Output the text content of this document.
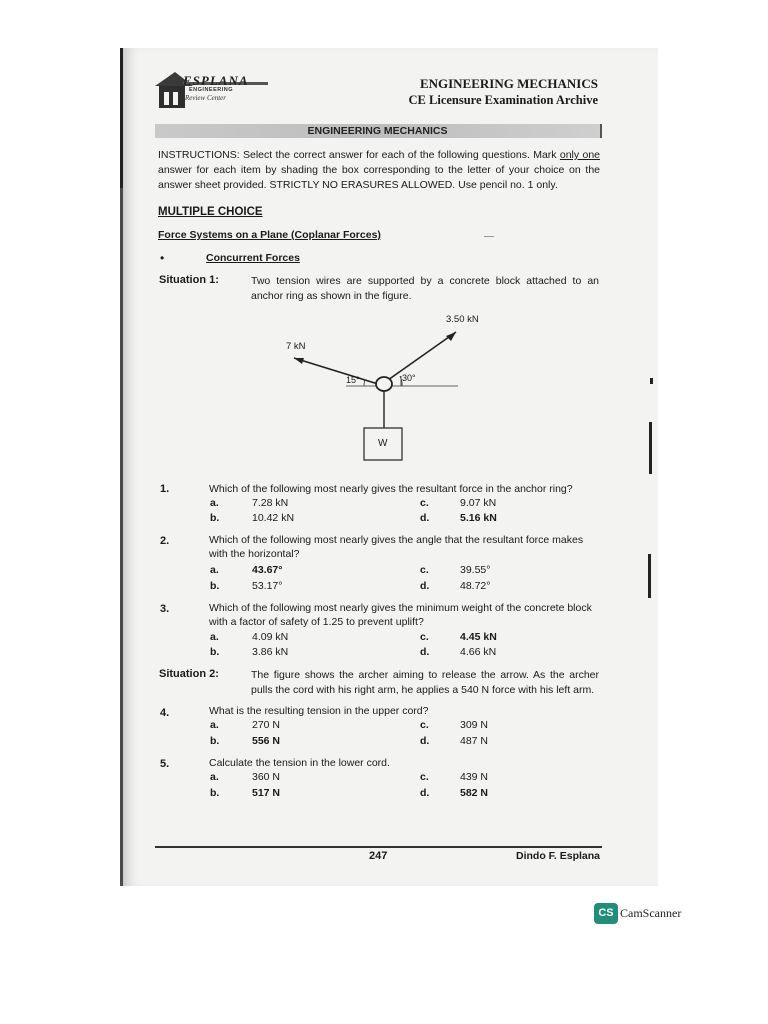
ESPLANA
ENGINEERING
Review Center
ENGINEERING MECHANICS
CE Licensure Examination Archive
ENGINEERING MECHANICS
INSTRUCTIONS: Select the correct answer for each of the following questions. Mark only one answer for each item by shading the box corresponding to the letter of your choice on the answer sheet provided. STRICTLY NO ERASURES ALLOWED. Use pencil no. 1 only.
MULTIPLE CHOICE
Force Systems on a Plane (Coplanar Forces)
•	Concurrent Forces
Situation 1:	Two tension wires are supported by a concrete block attached to an anchor ring as shown in the figure.
3.50 kN
7 kN
15°	30°
W
1.	Which of the following most nearly gives the resultant force in the anchor ring?
a.	7.28 kN
b.	10.42 kN
c.	9.07 kN
d.	5.16 kN
2.	Which of the following most nearly gives the angle that the resultant force makes with the horizontal?
a.	43.67°
b.	53.17°
c.	39.55°
d.	48.72°
3.	Which of the following most nearly gives the minimum weight of the concrete block with a factor of safety of 1.25 to prevent uplift?
a.	4.09 kN
b.	3.86 kN
c.	4.45 kN
d.	4.66 kN
Situation 2:	The figure shows the archer aiming to release the arrow. As the archer pulls the cord with his right arm, he applies a 540 N force with his left arm.
4.	What is the resulting tension in the upper cord?
a.	270 N
b.	556 N
c.	309 N
d.	487 N
5.	Calculate the tension in the lower cord.
a.	360 N
b.	517 N
c.	439 N
d.	582 N
247	Dindo F. Esplana
CS CamScanner
